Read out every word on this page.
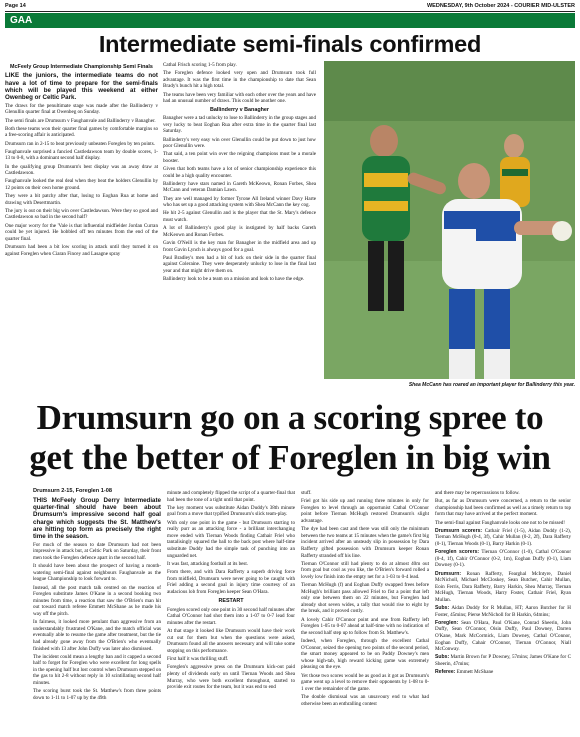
Page 14	WEDNESDAY, 9th October 2024 - COURIER MID-ULSTER
GAA
Intermediate semi-finals confirmed
McFeely Group Intermediate Championship Semi Finals

LIKE the juniors, the intermediate teams do not have a lot of time to prepare for the semi-finals which will be played this weekend at either Owenbeg or Celtic Park.

The draws for the penultimate stage was made after the Ballinderry v Glenullin quarter final at Owenbeg on Sunday.

The semi finals are Drumsurn v Faughanvale and Ballinderry v Banagher.

Both these teams won their quarter final games by comfortable margins so a free-scoring affair is anticipated.

Drumsurn ran in 2-15 to beat previously unbeaten Foreglen by ten points.

Faughanvale surprised a fancied Castledawson team by double scores, 1-13 to 0-8, with a dominant second half display.

In the qualifying group Drumsurn's best display was an away draw at Castledawson.

Faughanvale looked the real deal when they beat the holders Glenullin by 12 points on their own home ground.

They were a bit patchy after that, losing to Eoghan Rua at home and drawing with Desertmartin.

The jury is out on their big win over Castledawson. Were they so good and Castledawson so bad in the second half?

One major worry for the 'Vale is that influential midfielder Jordan Curran could be yet injured. He hobbled off ten minutes from the end of the quarter final.

Drumsurn had been a bit low scoring in attack until they turned it on against Foreglen when Ciaran Fincey and Lasagne spray

Cathal Frisch scoring 1-5 from play.

The Foreglen defence looked very open and Drumsurn took full advantage. It was the first time in the championship to date that Sean Brady's bunch hit a high total.

The teams have been very familiar with each other over the years and have had an unusual number of draws. This could be another one.

Ballinderry v Banagher

Banagher were a tad unlucky to lose to Ballinderry in the group stages and very lucky to beat Eoghan Rua after extra time in the quarter final last Saturday.

Ballinderry's very easy win over Glenullin could be put down to just how poor Glenullin were.

That said, a ten point win over the reigning champions must be a morale booster.

Given that both teams have a lot of senior championship experience this could be a high quality encounter.

Ballinderry have stars named in Gareth McKeown, Ronan Forbes, Shea McCann and veteran Damian Lawn.

They are well managed by former Tyrone All Ireland winner Davy Harte who has set up a good attacking system with Shea McCann the key cog.

He hit 2-5 against Glenullin and is the player that the St. Mary's defence must watch.

A lot of Ballinderry's good play is instigated by half backs Gareth McKeown and Ronan Forbes.

Gavin O'Neill is the key man for Banagher in the midfield area and up front Gavin Lynch is always good for a goal.

Paul Bradley's men had a bit of luck on their side in the quarter final against Coleraine. They were desperately unlucky to lose in the final last year and that might drive them on.

Ballinderry look to be a team on a mission and look to have the edge.

Shea McCann has roared an important player for Ballinderry this year.
Drumsurn go on a scoring spree to
get the better of Foreglen in big win
Drumsurn 2-15, Foreglen 1-08

THIS McFeely Group Derry Intermediate quarter-final should have been about Drumsurn's impressive second half goal charge which suggests the St. Matthew's are hitting top form as precisely the right time in the season.

For much of the season to date Drumsurn had not been impressive in attack but, at Celtic Park on Saturday, their front men took the Foreglen defence apart in the second half.

It should have been about the prospect of having a month-watering semi-final against neighbours Faughanvale as the league Championship to look forward to.

Instead, all the post match talk centred on the reaction of Foreglen substitute James O'Kane in a second booking two minutes from time, a reaction that saw the O'Brien's man hit out toward match referee Emmett McShane as he made his way off the pitch.

In fairness, it looked more petulant than aggressive from an understandably frustrated O'Kane, and the match official was eventually able to resume the game after treatment, but the tie had already gone away from the O'Brien's who eventually finished with 13 after John Duffy was later also dismissed.

The incident could mean a lengthy ban and it capped a second half to forget for Foreglen who were excellent for long spells in the opening half but lost control when Drumsurn stepped on the gas to hit 2-8 without reply in 10 scintillating second half minutes.

The scoring burst took the St. Matthew's from three points down to 1-11 to 1-07 up by the 49th

minute and completely flipped the script of a quarter-final that had been the tone of a tight until that point.

The key moment was substitute Aidan Duddy's 38th minute goal from a move that typified Drumsurn's slick team-play.

With only one point in the game - but Drumsurn starting to really purr as an attacking force - a brilliant interchanging move ended with Tiernan Woods finding Cathair Friel who tantalisingly squared the ball to the back post where half-time substitute Duddy had the simple task of punching into an unguarded net.

It was fast, attacking football at its best.

From there, and with Dara Rafferty a superb driving force from midfield, Drumsurn were never going to be caught with Friel adding a second goal in injury time courtesy of an audacious lob from Foreglen keeper Sean O'Hara.

RESTART

Foreglen scored only one point in 30 second half minutes after Cathal O'Connor had shot them into a 1-07 to 0-7 lead four minutes after the restart.

At that stage it looked like Drumsurn would have their work cut out for them but when the questions were asked, Drumsurn found all the answers necessary and will take some stopping on this performance.

First half it was thrilling stuff.

Foreglen's aggressive press on the Drumsurn kick-out paid plenty of dividends early on until Tiernan Woods and Shea Murray, who were both excellent throughout, started to provide exit routes for the team, but it was end to end

stuff.

Friel got his side up and running three minutes in only for Foreglen to level through an opportunist Cathal O'Connor point before Tiernan McHugh restored Drumsurn's slight advantage.

The dye had been cast and there was still only the minimum between the two teams at 15 minutes when the game's first big incident arrived after an unsteady slip in possession by Dara Rafferty gifted possession with Drumsurn keeper Ronan Rafferty stranded off his line.

Tiernan O'Connor still had plenty to do at almost 40m out from goal but cool as you like, the O'Brien's forward rolled a lovely low finish into the empty net for a 1-03 to 0-4 lead.

Tiernan McHugh (f) and Eoghan Duffy swapped frees before McHugh's brilliant pass allowed Friel to fist a point that left only one between them on 22 minutes, but Foreglen had already shot seven wides, a tally that would rise to eight by the break, and it proved costly.

A lovely Cahir O'Connor point and one from Rafferty left Foreglen 1-05 to 0-07 ahead at half-time with no indication of the second half step up to follow from St. Matthew's.

Indeed, when Foreglen, through the excellent Cathal O'Connor, seized the opening two points of the second period, the smart money appeared to be on Paddy Downey's men whose high-tab, high reward kicking game was extremely pleasing on the eye.

Yet those two scores would be as good as it got as Drumsurn's game went up a level to remove their opponents by 1-08 to 0-1 over the remainder of the game.

The double dismissal was an unsavoury end to what had otherwise been an enthralling contest

and there may be repercussions to follow.

But, as far as Drumsurn were concerned, a return to the senior championship had been confirmed as well as a timely return to top form that may have arrived at the perfect moment.

The semi-final against Faughanvale looks one not to be missed!

Drumsurn scorers: Cathair Friel (1-5), Aidan Duddy (1-2), Tiernan McHugh (0-4, 3f), Cahir Mullan (0-2, 2f), Dara Rafferty (0-1), Tiernan Woods (0-1), Barry Harkin (0-1).

Foreglen scorers: Tiernan O'Connor (1-0), Cathal O'Connor (0-4, 1f), Cahir O'Connor (0-2, 1m), Eoghan Duffy (0-1), Liam Downey (0-1).

Drumsurn: Ronan Rafferty, Fearghal McIntyre, Daniel McNicholl, Michael McCloskey, Sean Butcher, Cahir Mullan, Eoin Ferris, Dara Rafferty, Barry Harkin, Shea Murray, Tiernan McHugh, Tiernan Woods, Harry Foster, Cathair Friel, Ryan Mullan.

Subs: Aidan Duddy for R Mullan, HT; Aaron Butcher for H Foster, 45mins; Pierse McNicholl for B Harkin, 64mins;

Foreglen: Sean O'Hara, Paul O'Kane, Conrad Sheerin, John Duffy, Sean O'Connor, Oisin Duffy, Paul Downey, Darren O'Kane, Mark McCormick, Liam Downey, Cathal O'Connor, Eoghan Duffy, Cahair O'Connor, Tiernan O'Connor, Niall McConway.

Subs: Martin Brown for P Downey, 57mins; James O'Kane for C Sheerin, 47mins;

Referee: Emmett McShane
